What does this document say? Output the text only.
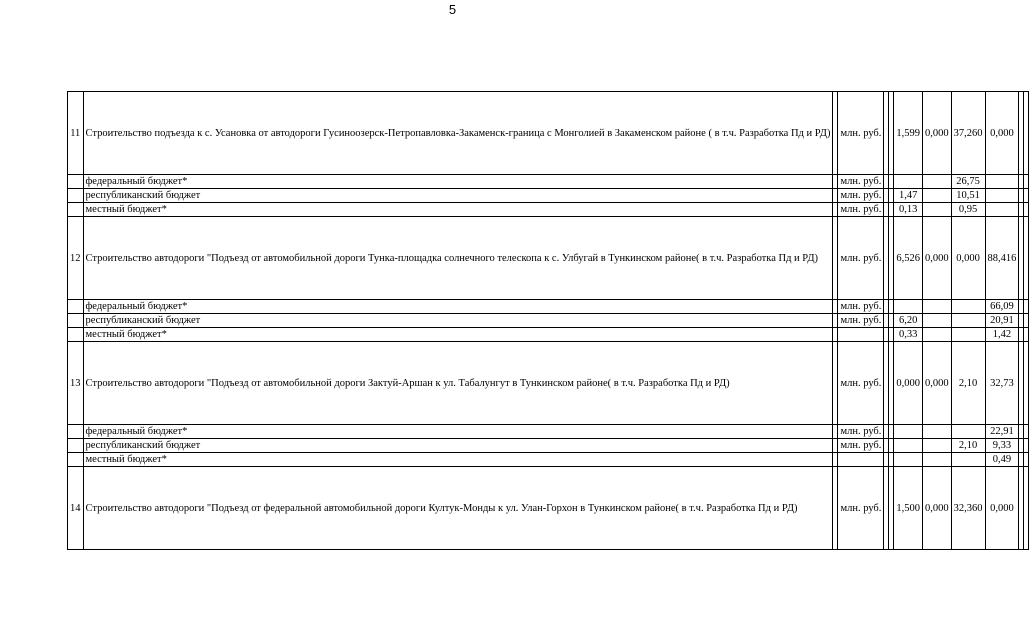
5
11	Строительство подъезда к с. Усановка от автодороги Гусиноозерск-Петропавловка-Закаменск-граница с Монголией в Закаменском районе ( в т.ч. Разработка Пд и РД)		млн. руб.			1,599	0,000	37,260	0,000		
	федеральный бюджет*		млн. руб.					26,75			
	республиканский бюджет		млн. руб.			1,47		10,51			
	местный бюджет*		млн. руб.			0,13		0,95			
12	Строительство автодороги "Подъезд от автомобильной дороги Тунка-площадка солнечного телескопа к с. Улбугай в Тункинском районе( в т.ч. Разработка Пд и РД)		млн. руб.			6,526	0,000	0,000	88,416		
	федеральный бюджет*		млн. руб.						66,09		
	республиканский бюджет		млн. руб.			6,20			20,91		
	местный бюджет*					0,33			1,42		
13	Строительство автодороги "Подъезд от автомобильной дороги Зактуй-Аршан к ул. Табалунгут в Тункинском районе( в т.ч. Разработка Пд и РД)		млн. руб.			0,000	0,000	2,10	32,73		
	федеральный бюджет*		млн. руб.						22,91		
	республиканский бюджет		млн. руб.					2,10	9,33		
	местный бюджет*								0,49		
14	Строительство автодороги "Подъезд от федеральной автомобильной дороги Култук-Монды к ул. Улан-Горхон в Тункинском районе( в т.ч. Разработка Пд и РД)		млн. руб.			1,500	0,000	32,360	0,000		
